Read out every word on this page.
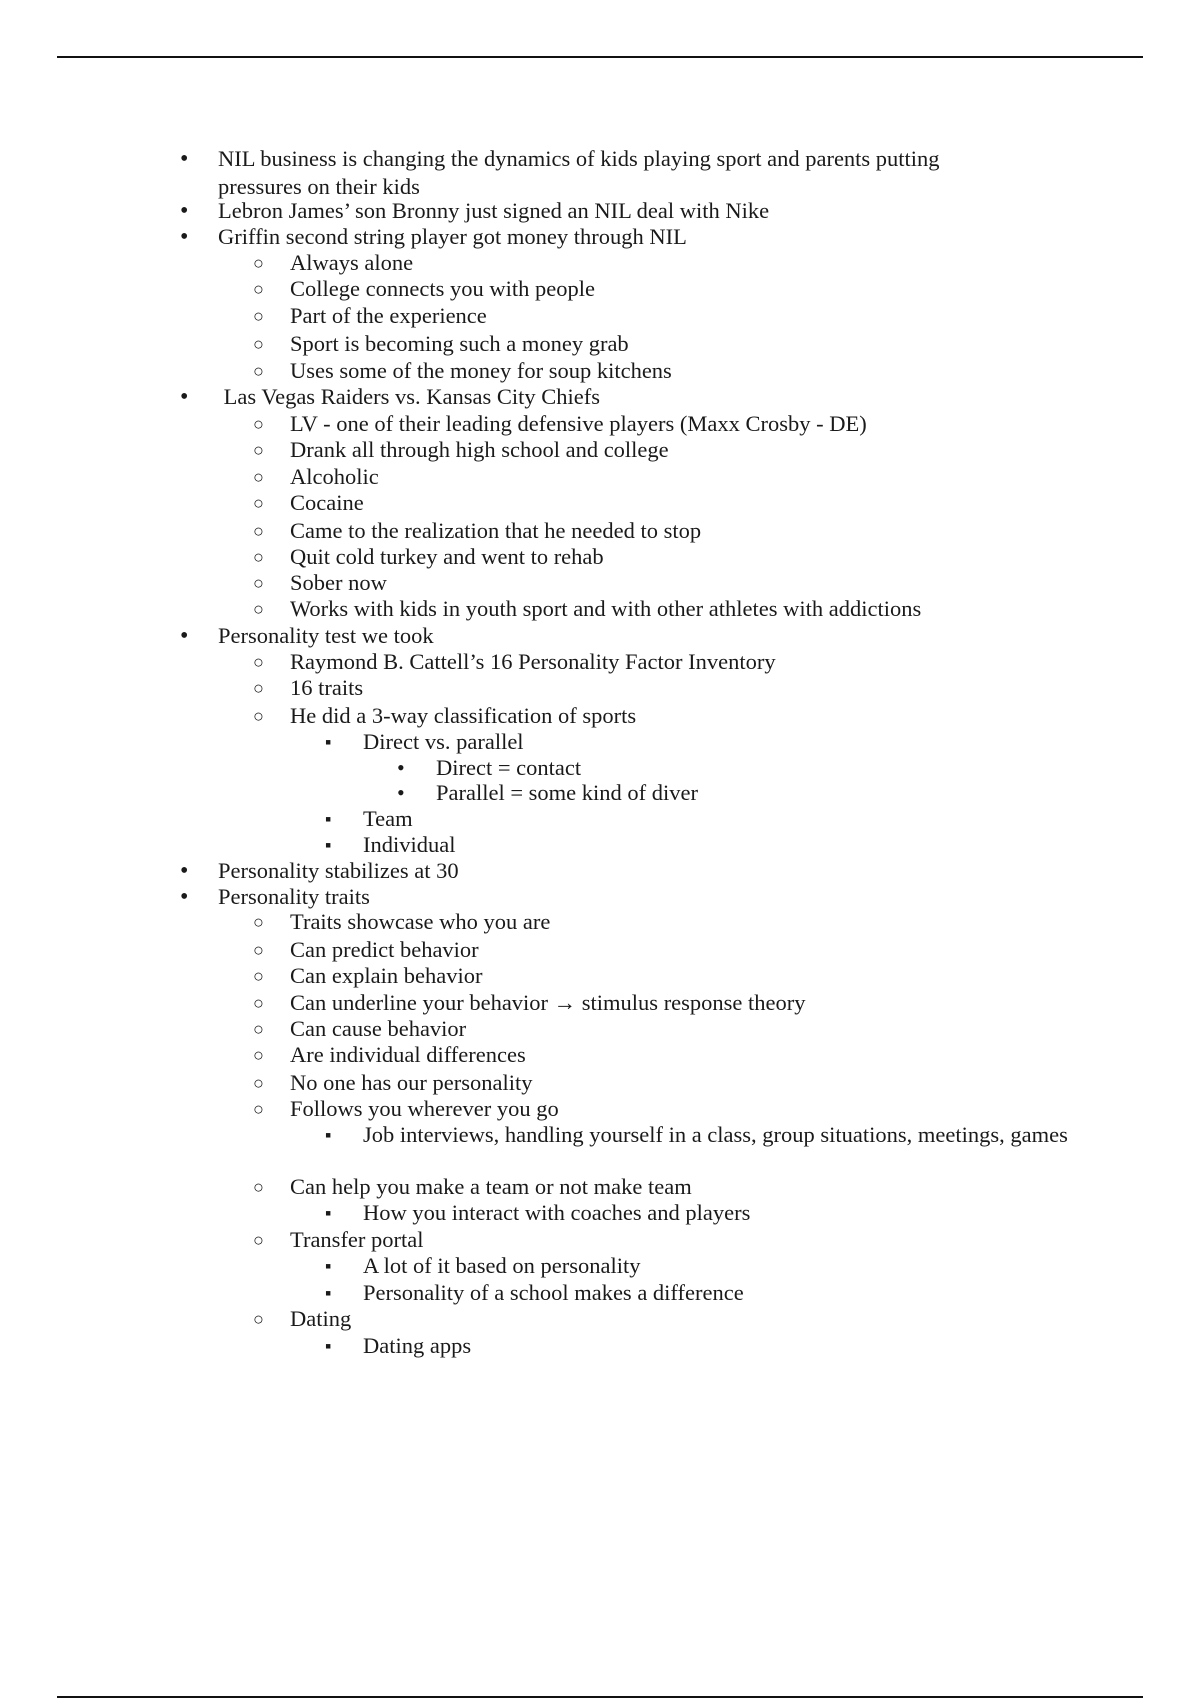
• NIL business is changing the dynamics of kids playing sport and parents putting pressures on their kids
• Lebron James’ son Bronny just signed an NIL deal with Nike
• Griffin second string player got money through NIL
○ Always alone
○ College connects you with people
○ Part of the experience
○ Sport is becoming such a money grab
○ Uses some of the money for soup kitchens
• Las Vegas Raiders vs. Kansas City Chiefs
○ LV - one of their leading defensive players (Maxx Crosby - DE)
○ Drank all through high school and college
○ Alcoholic
○ Cocaine
○ Came to the realization that he needed to stop
○ Quit cold turkey and went to rehab
○ Sober now
○ Works with kids in youth sport and with other athletes with addictions
• Personality test we took
○ Raymond B. Cattell’s 16 Personality Factor Inventory
○ 16 traits
○ He did a 3-way classification of sports
▪ Direct vs. parallel
• Direct = contact
• Parallel = some kind of diver
▪ Team
▪ Individual
• Personality stabilizes at 30
• Personality traits
○ Traits showcase who you are
○ Can predict behavior
○ Can explain behavior
○ Can underline your behavior → stimulus response theory
○ Can cause behavior
○ Are individual differences
○ No one has our personality
○ Follows you wherever you go
▪ Job interviews, handling yourself in a class, group situations, meetings, games
○ Can help you make a team or not make team
▪ How you interact with coaches and players
○ Transfer portal
▪ A lot of it based on personality
▪ Personality of a school makes a difference
○ Dating
▪ Dating apps
